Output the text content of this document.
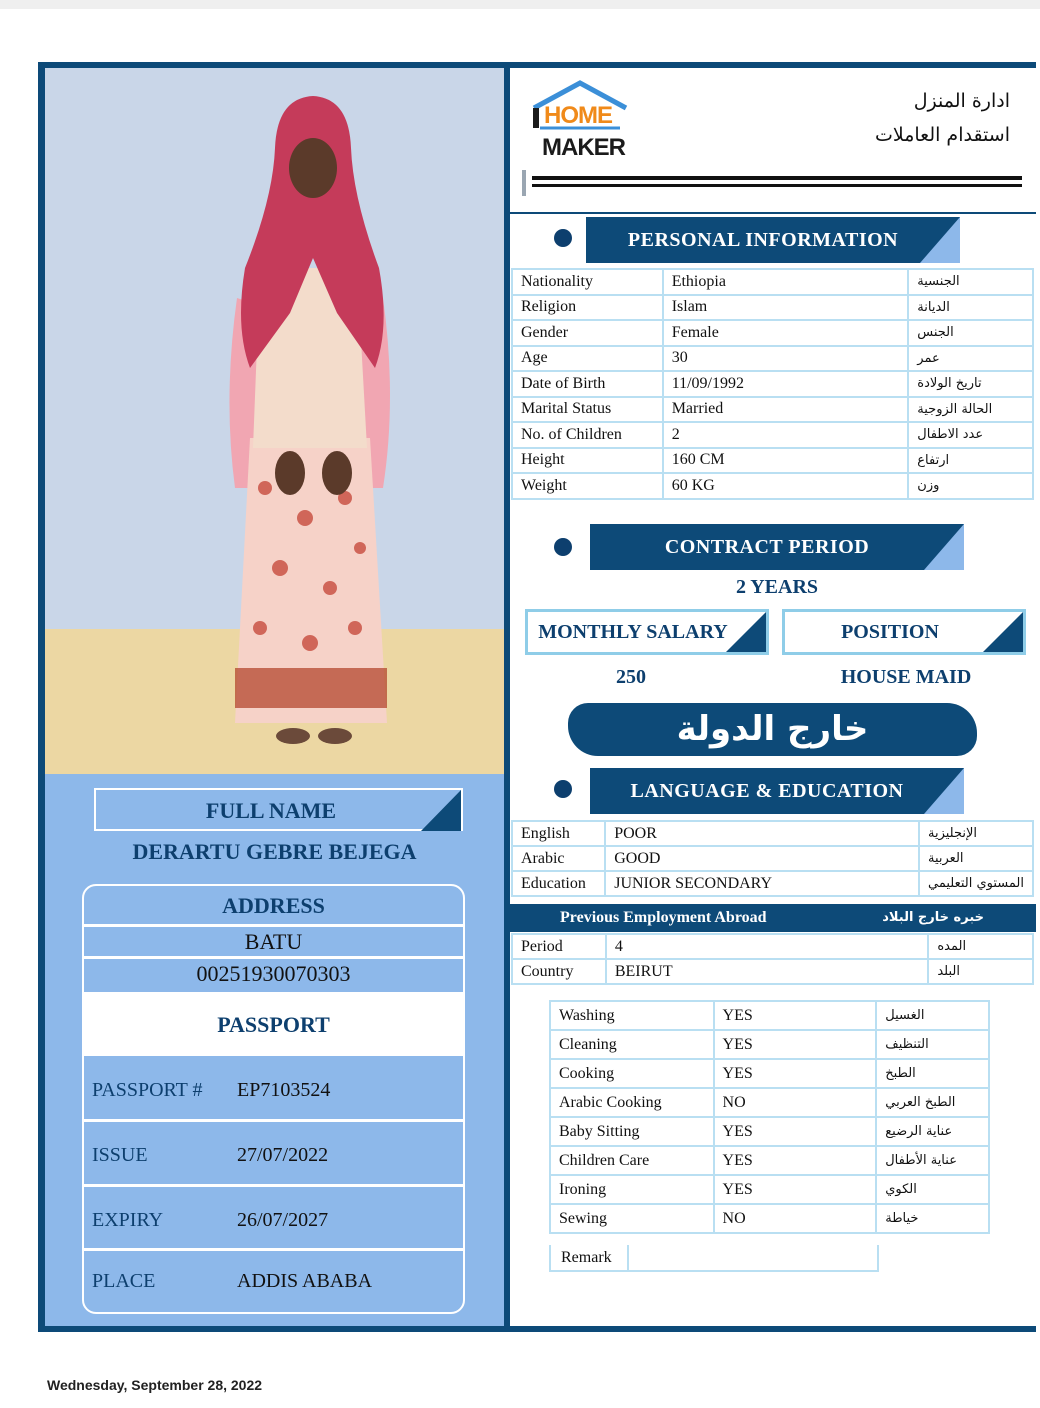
FULL NAME
DERARTU GEBRE BEJEGA
ADDRESS
BATU
00251930070303
PASSPORT
PASSPORT # EP7103524
ISSUE	27/07/2022
EXPIRY	26/07/2027
PLACE	ADDIS ABABA
HOME
MAKER
ادارة المنزل
استقدام العاملات
PERSONAL INFORMATION
Nationality	Ethiopia	الجنسية
Religion	Islam	الديانة
Gender	Female	الجنس
Age	30	عمر
Date of Birth	11/09/1992	تاريخ الولادة
Marital Status	Married	الحالة الزوجية
No. of Children	2	عدد الاطفال
Height	160 CM	ارتفاع
Weight	60 KG	وزن
CONTRACT PERIOD
2 YEARS
MONTHLY SALARY	POSITION
250	HOUSE MAID
خارج الدولة
LANGUAGE & EDUCATION
English	POOR	الإنجليزية
Arabic	GOOD	العربية
Education	JUNIOR SECONDARY	المستوي التعليمي
Previous Employment Abroad	خبره خارج البلاد
Period	4	المده
Country	BEIRUT	البلد
Washing	YES	الغسيل
Cleaning	YES	التنظيف
Cooking	YES	الطبخ
Arabic Cooking	NO	الطبخ العربي
Baby Sitting	YES	عناية الرضيع
Children Care	YES	عناية الأطفال
Ironing	YES	الكوي
Sewing	NO	خياطة
Remark
Wednesday, September 28, 2022
